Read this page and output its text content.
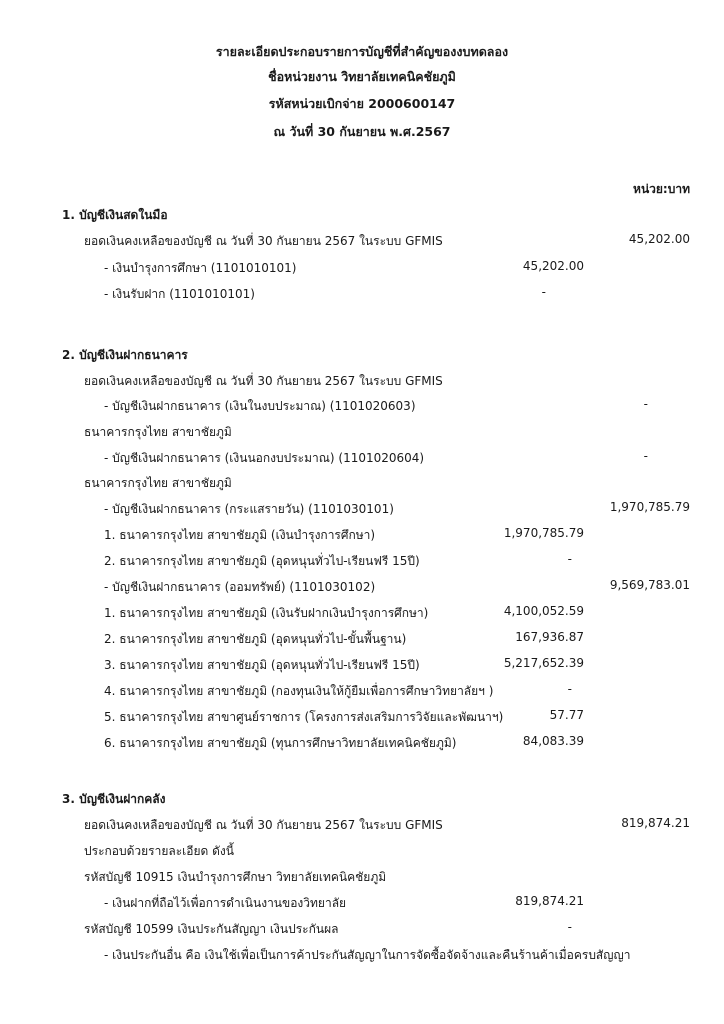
รายละเอียดประกอบรายการบัญชีที่สำคัญของงบทดลอง
ชื่อหน่วยงาน วิทยาลัยเทคนิคชัยภูมิ
รหัสหน่วยเบิกจ่าย 2000600147
ณ วันที่ 30 กันยายน พ.ศ.2567
หน่วย:บาท
1. บัญชีเงินสดในมือ
ยอดเงินคงเหลือของบัญชี ณ วันที่ 30 กันยายน 2567 ในระบบ GFMIS	45,202.00
- เงินบำรุงการศึกษา (1101010101)	45,202.00
- เงินรับฝาก (1101010101)	-
2. บัญชีเงินฝากธนาคาร
ยอดเงินคงเหลือของบัญชี ณ วันที่ 30 กันยายน 2567 ในระบบ GFMIS
- บัญชีเงินฝากธนาคาร (เงินในงบประมาณ) (1101020603)	-
ธนาคารกรุงไทย สาขาชัยภูมิ
- บัญชีเงินฝากธนาคาร (เงินนอกงบประมาณ) (1101020604)	-
ธนาคารกรุงไทย สาขาชัยภูมิ
- บัญชีเงินฝากธนาคาร (กระแสรายวัน) (1101030101)	1,970,785.79
1. ธนาคารกรุงไทย สาขาชัยภูมิ (เงินบำรุงการศึกษา)	1,970,785.79
2. ธนาคารกรุงไทย สาขาชัยภูมิ (อุดหนุนทั่วไป-เรียนฟรี 15ปี)	-
- บัญชีเงินฝากธนาคาร (ออมทรัพย์) (1101030102)	9,569,783.01
1. ธนาคารกรุงไทย สาขาชัยภูมิ (เงินรับฝากเงินบำรุงการศึกษา)	4,100,052.59
2. ธนาคารกรุงไทย สาขาชัยภูมิ (อุดหนุนทั่วไป-ขั้นพื้นฐาน)	167,936.87
3. ธนาคารกรุงไทย สาขาชัยภูมิ (อุดหนุนทั่วไป-เรียนฟรี 15ปี)	5,217,652.39
4. ธนาคารกรุงไทย สาขาชัยภูมิ (กองทุนเงินให้กู้ยืมเพื่อการศึกษาวิทยาลัยฯ )	-
5. ธนาคารกรุงไทย สาขาศูนย์ราชการ (โครงการส่งเสริมการวิจัยและพัฒนาฯ)	57.77
6. ธนาคารกรุงไทย สาขาชัยภูมิ (ทุนการศึกษาวิทยาลัยเทคนิคชัยภูมิ)	84,083.39
3. บัญชีเงินฝากคลัง
ยอดเงินคงเหลือของบัญชี ณ วันที่ 30 กันยายน 2567 ในระบบ GFMIS	819,874.21
ประกอบด้วยรายละเอียด ดังนี้
รหัสบัญชี 10915 เงินบำรุงการศึกษา วิทยาลัยเทคนิคชัยภูมิ
- เงินฝากที่ถือไว้เพื่อการดำเนินงานของวิทยาลัย	819,874.21
รหัสบัญชี 10599 เงินประกันสัญญา เงินประกันผล	-
- เงินประกันอื่น คือ เงินใช้เพื่อเป็นการค้าประกันสัญญาในการจัดซื้อจัดจ้างและคืนร้านค้าเมื่อครบสัญญา
